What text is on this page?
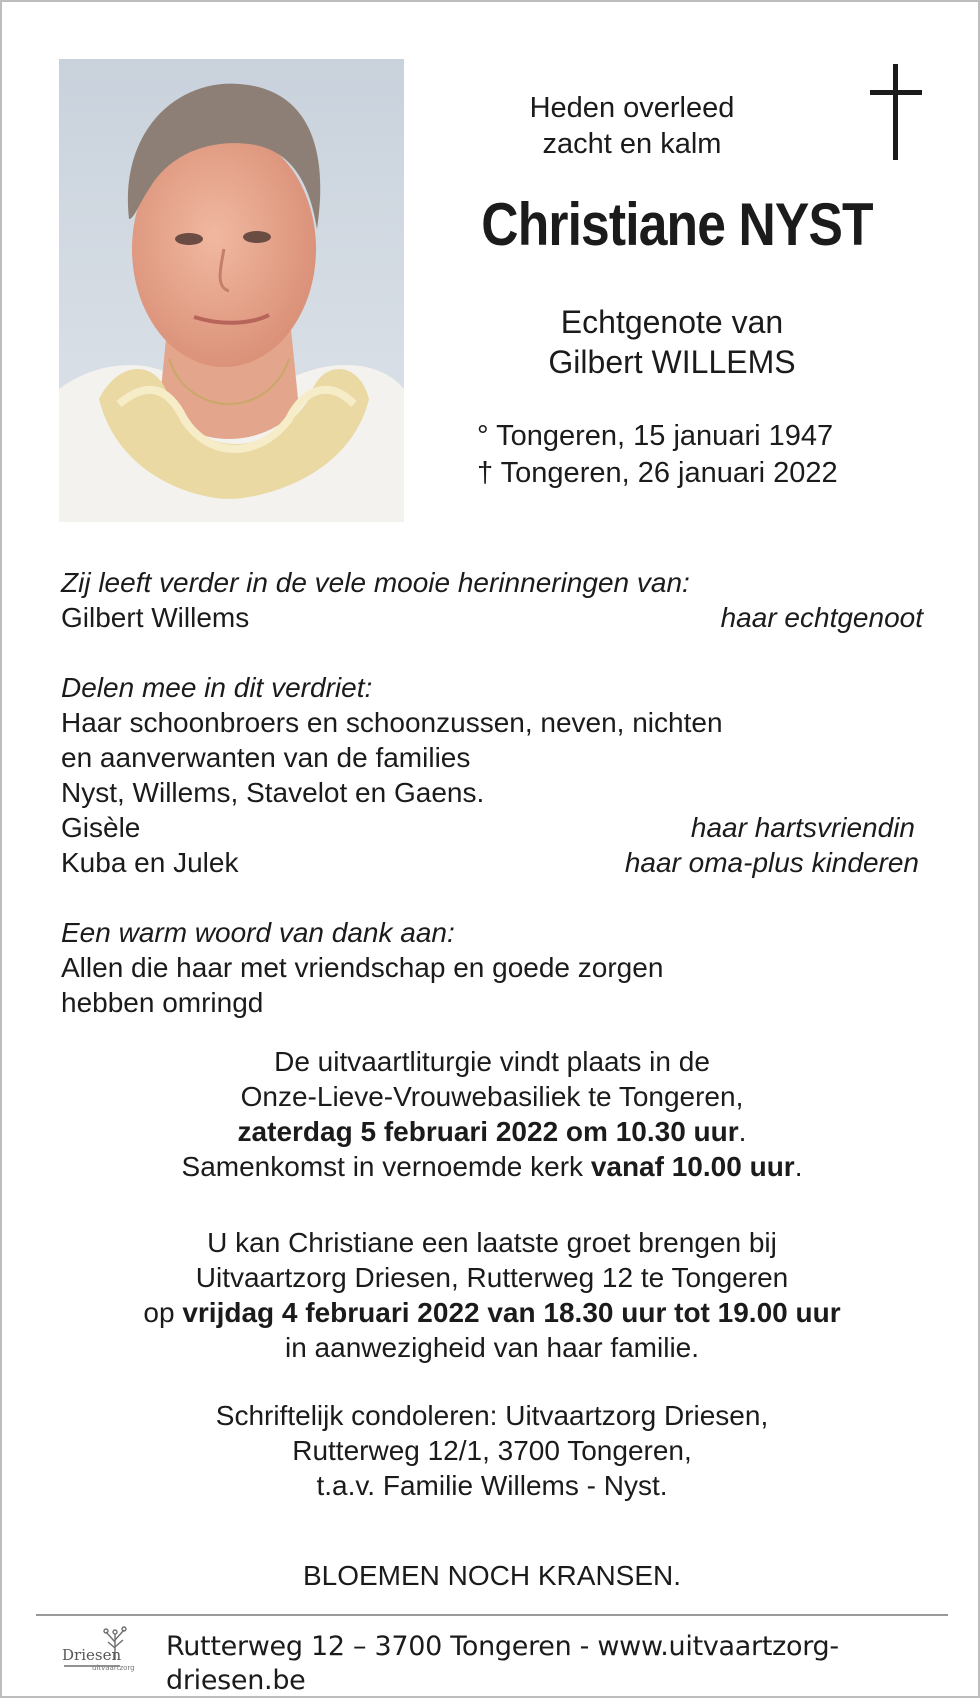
Heden overleed
zacht en kalm
Christiane NYST
Echtgenote van
Gilbert WILLEMS
° Tongeren, 15 januari 1947
† Tongeren, 26 januari 2022
Zij leeft verder in de vele mooie herinneringen van:
Gilbert Willems	haar echtgenoot
Delen mee in dit verdriet:
Haar schoonbroers en schoonzussen, neven, nichten
en aanverwanten van de families
Nyst, Willems, Stavelot en Gaens.
Gisèle	haar hartsvriendin
Kuba en Julek	haar oma-plus kinderen
Een warm woord van dank aan:
Allen die haar met vriendschap en goede zorgen
hebben omringd
De uitvaartliturgie vindt plaats in de
Onze-Lieve-Vrouwebasiliek te Tongeren,
zaterdag 5 februari 2022 om 10.30 uur.
Samenkomst in vernoemde kerk vanaf 10.00 uur.
U kan Christiane een laatste groet brengen bij
Uitvaartzorg Driesen, Rutterweg 12 te Tongeren
op vrijdag 4 februari 2022 van 18.30 uur tot 19.00 uur
in aanwezigheid van haar familie.
Schriftelijk condoleren: Uitvaartzorg Driesen,
Rutterweg 12/1, 3700 Tongeren,
t.a.v. Familie Willems - Nyst.
BLOEMEN NOCH KRANSEN.
Driesen
uitvaartzorg
Rutterweg 12 – 3700 Tongeren - www.uitvaartzorg-driesen.be
